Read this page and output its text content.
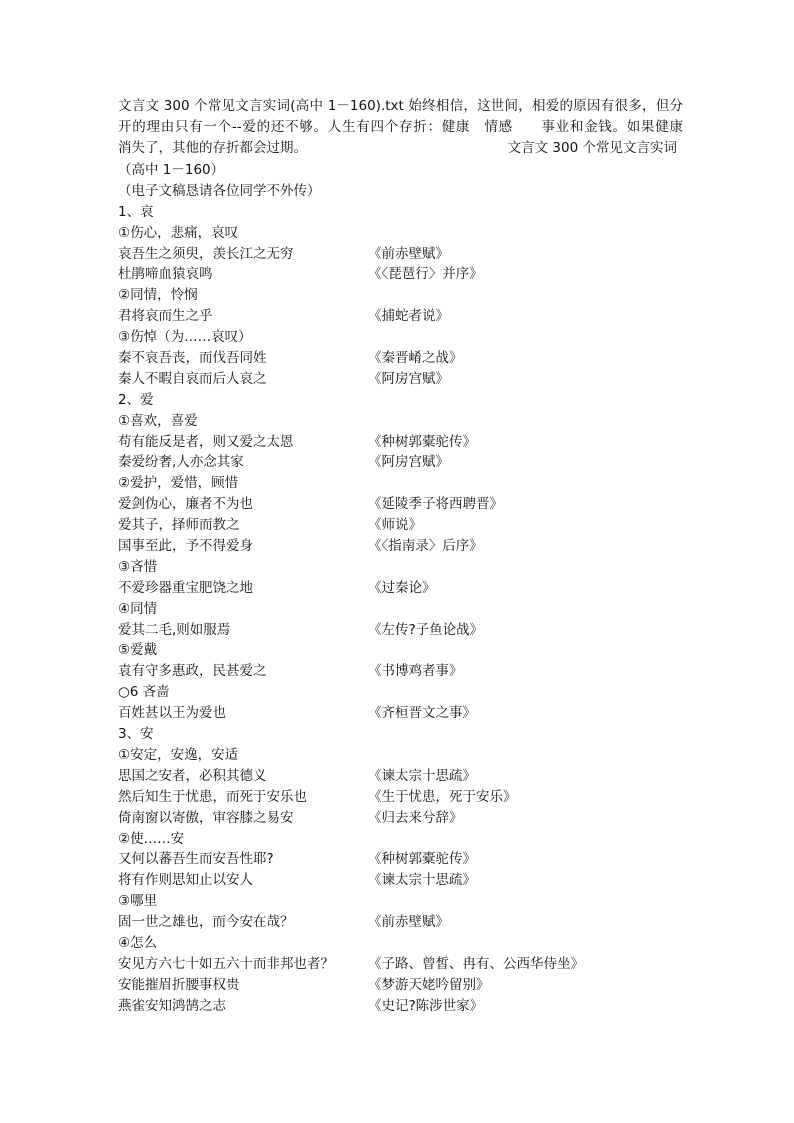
文言文 300 个常见文言实词(高中 1－160).txt 始终相信，这世间，相爱的原因有很多，但分
开的理由只有一个--爱的还不够。人生有四个存折：健康　情感　　事业和金钱。如果健康
消失了，其他的存折都会过期。	文言文 300 个常见文言实词
（高中 1－160）
（电子文稿恳请各位同学不外传）
1、哀
①伤心，悲痛，哀叹
哀吾生之须臾，羡长江之无穷	《前赤壁赋》
杜鹃啼血猿哀鸣	《〈琵琶行〉并序》
②同情，怜悯
君将哀而生之乎	《捕蛇者说》
③伤悼（为……哀叹）
秦不哀吾丧，而伐吾同姓	《秦晋崤之战》
秦人不暇自哀而后人哀之	《阿房宫赋》
2、爱
①喜欢，喜爱
苟有能反是者，则又爱之太恩	《种树郭橐驼传》
秦爱纷奢,人亦念其家	《阿房宫赋》
②爱护，爱惜，顾惜
爱剑伪心，廉者不为也	《延陵季子将西聘晋》
爱其子，择师而教之	《师说》
国事至此，予不得爱身	《〈指南录〉后序》
③吝惜
不爱珍器重宝肥饶之地	《过秦论》
④同情
爱其二毛,则如服焉	《左传?子鱼论战》
⑤爱戴
袁有守多惠政，民甚爱之	《书博鸡者事》
○6 吝啬
百姓甚以王为爱也	《齐桓晋文之事》
3、安
①安定，安逸，安适
思国之安者，必积其德义	《谏太宗十思疏》
然后知生于忧患，而死于安乐也	《生于忧患，死于安乐》
倚南窗以寄傲，审容膝之易安	《归去来兮辞》
②使……安
又何以蕃吾生而安吾性耶?	《种树郭橐驼传》
将有作则思知止以安人	《谏太宗十思疏》
③哪里
固一世之雄也，而今安在哉？	《前赤壁赋》
④怎么
安见方六七十如五六十而非邦也者？	《子路、曾皙、冉有、公西华侍坐》
安能摧眉折腰事权贵	《梦游天姥吟留别》
燕雀安知鸿鹄之志	《史记?陈涉世家》
